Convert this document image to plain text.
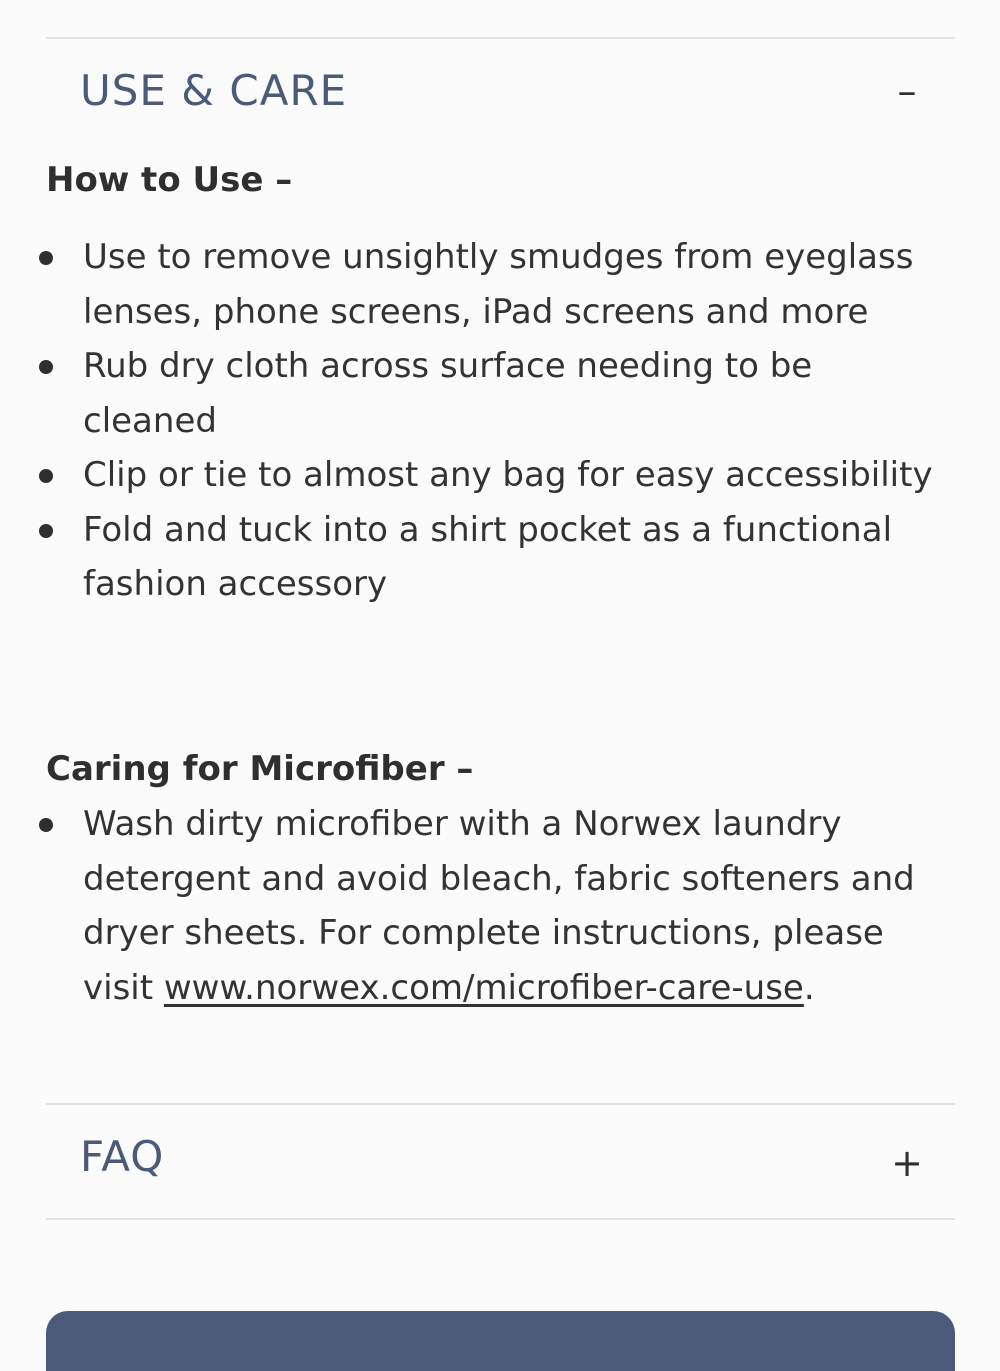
USE & CARE	–
How to Use –
Use to remove unsightly smudges from eyeglass lenses, phone screens, iPad screens and more
Rub dry cloth across surface needing to be cleaned
Clip or tie to almost any bag for easy accessibility
Fold and tuck into a shirt pocket as a functional fashion accessory
Caring for Microfiber –
Wash dirty microfiber with a Norwex laundry detergent and avoid bleach, fabric softeners and dryer sheets. For complete instructions, please visit www.norwex.com/microfiber-care-use.
FAQ	+
